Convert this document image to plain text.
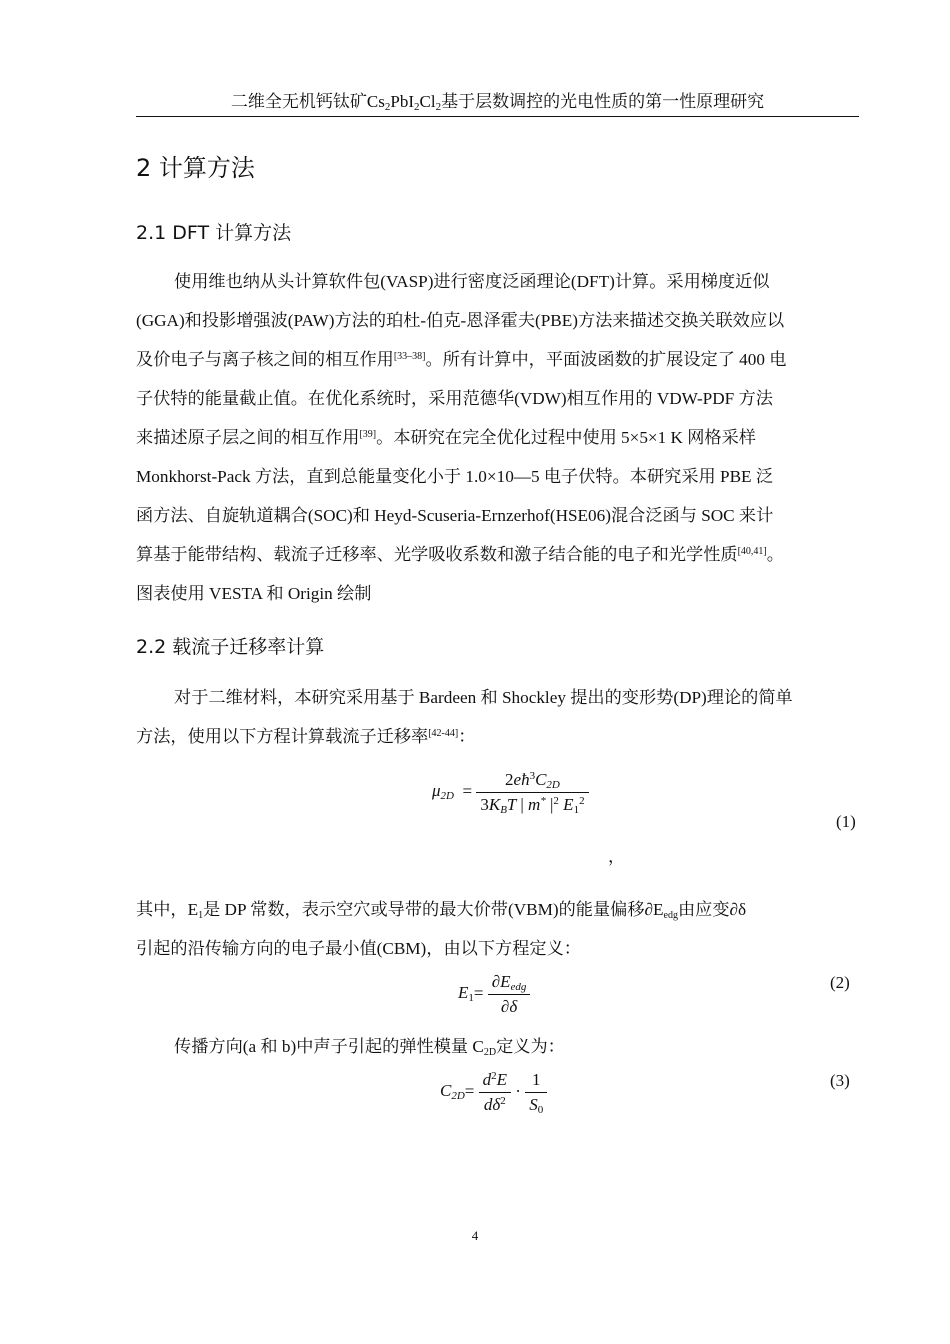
二维全无机钙钛矿$Cs_2PbI_2Cl_2$基于层数调控的光电性质的第一性原理研究
2 计算方法
2.1 DFT 计算方法
使用维也纳从头计算软件包(VASP)进行密度泛函理论(DFT)计算。采用梯度近似
(GGA)和投影增强波(PAW)方法的珀杜-伯克-恩泽霍夫(PBE)方法来描述交换关联效应以
及价电子与离子核之间的相互作用[33–38]。所有计算中，平面波函数的扩展设定了 400 电
子伏特的能量截止值。在优化系统时，采用范德华(VDW)相互作用的 VDW-PDF 方法
来描述原子层之间的相互作用[39]。本研究在完全优化过程中使用 5×5×1 K 网格采样
Monkhorst-Pack 方法，直到总能量变化小于 1.0×10—5 电子伏特。本研究采用 PBE 泛
函方法、自旋轨道耦合(SOC)和 Heyd-Scuseria-Ernzerhof(HSE06)混合泛函与 SOC 来计
算基于能带结构、载流子迁移率、光学吸收系数和激子结合能的电子和光学性质[40,41]。
图表使用 VESTA 和 Origin 绘制
2.2 载流子迁移率计算
对于二维材料，本研究采用基于 Bardeen 和 Shockley 提出的变形势(DP)理论的简单
方法，使用以下方程计算载流子迁移率[42-44]：
$\mu_{2D} = \frac{2eħ^3C_{2D}}{3K_BT | m^* |^2 E_1^2}$
(1)
，
其中，$E_1$是 DP 常数，表示空穴或导带的最大价带(VBM)的能量偏移$\partial E_{edg}$由应变∂δ
引起的沿传输方向的电子最小值(CBM)，由以下方程定义：
$E_1= \frac{\partial E_{edg}}{\partial\delta}$	(2)
传播方向(a 和 b)中声子引起的弹性模量 $C_{2D}$定义为：
$C_{2D}= \frac{d^2E}{d\delta^2} \cdot \frac{1}{S_0}$	(3)
4
